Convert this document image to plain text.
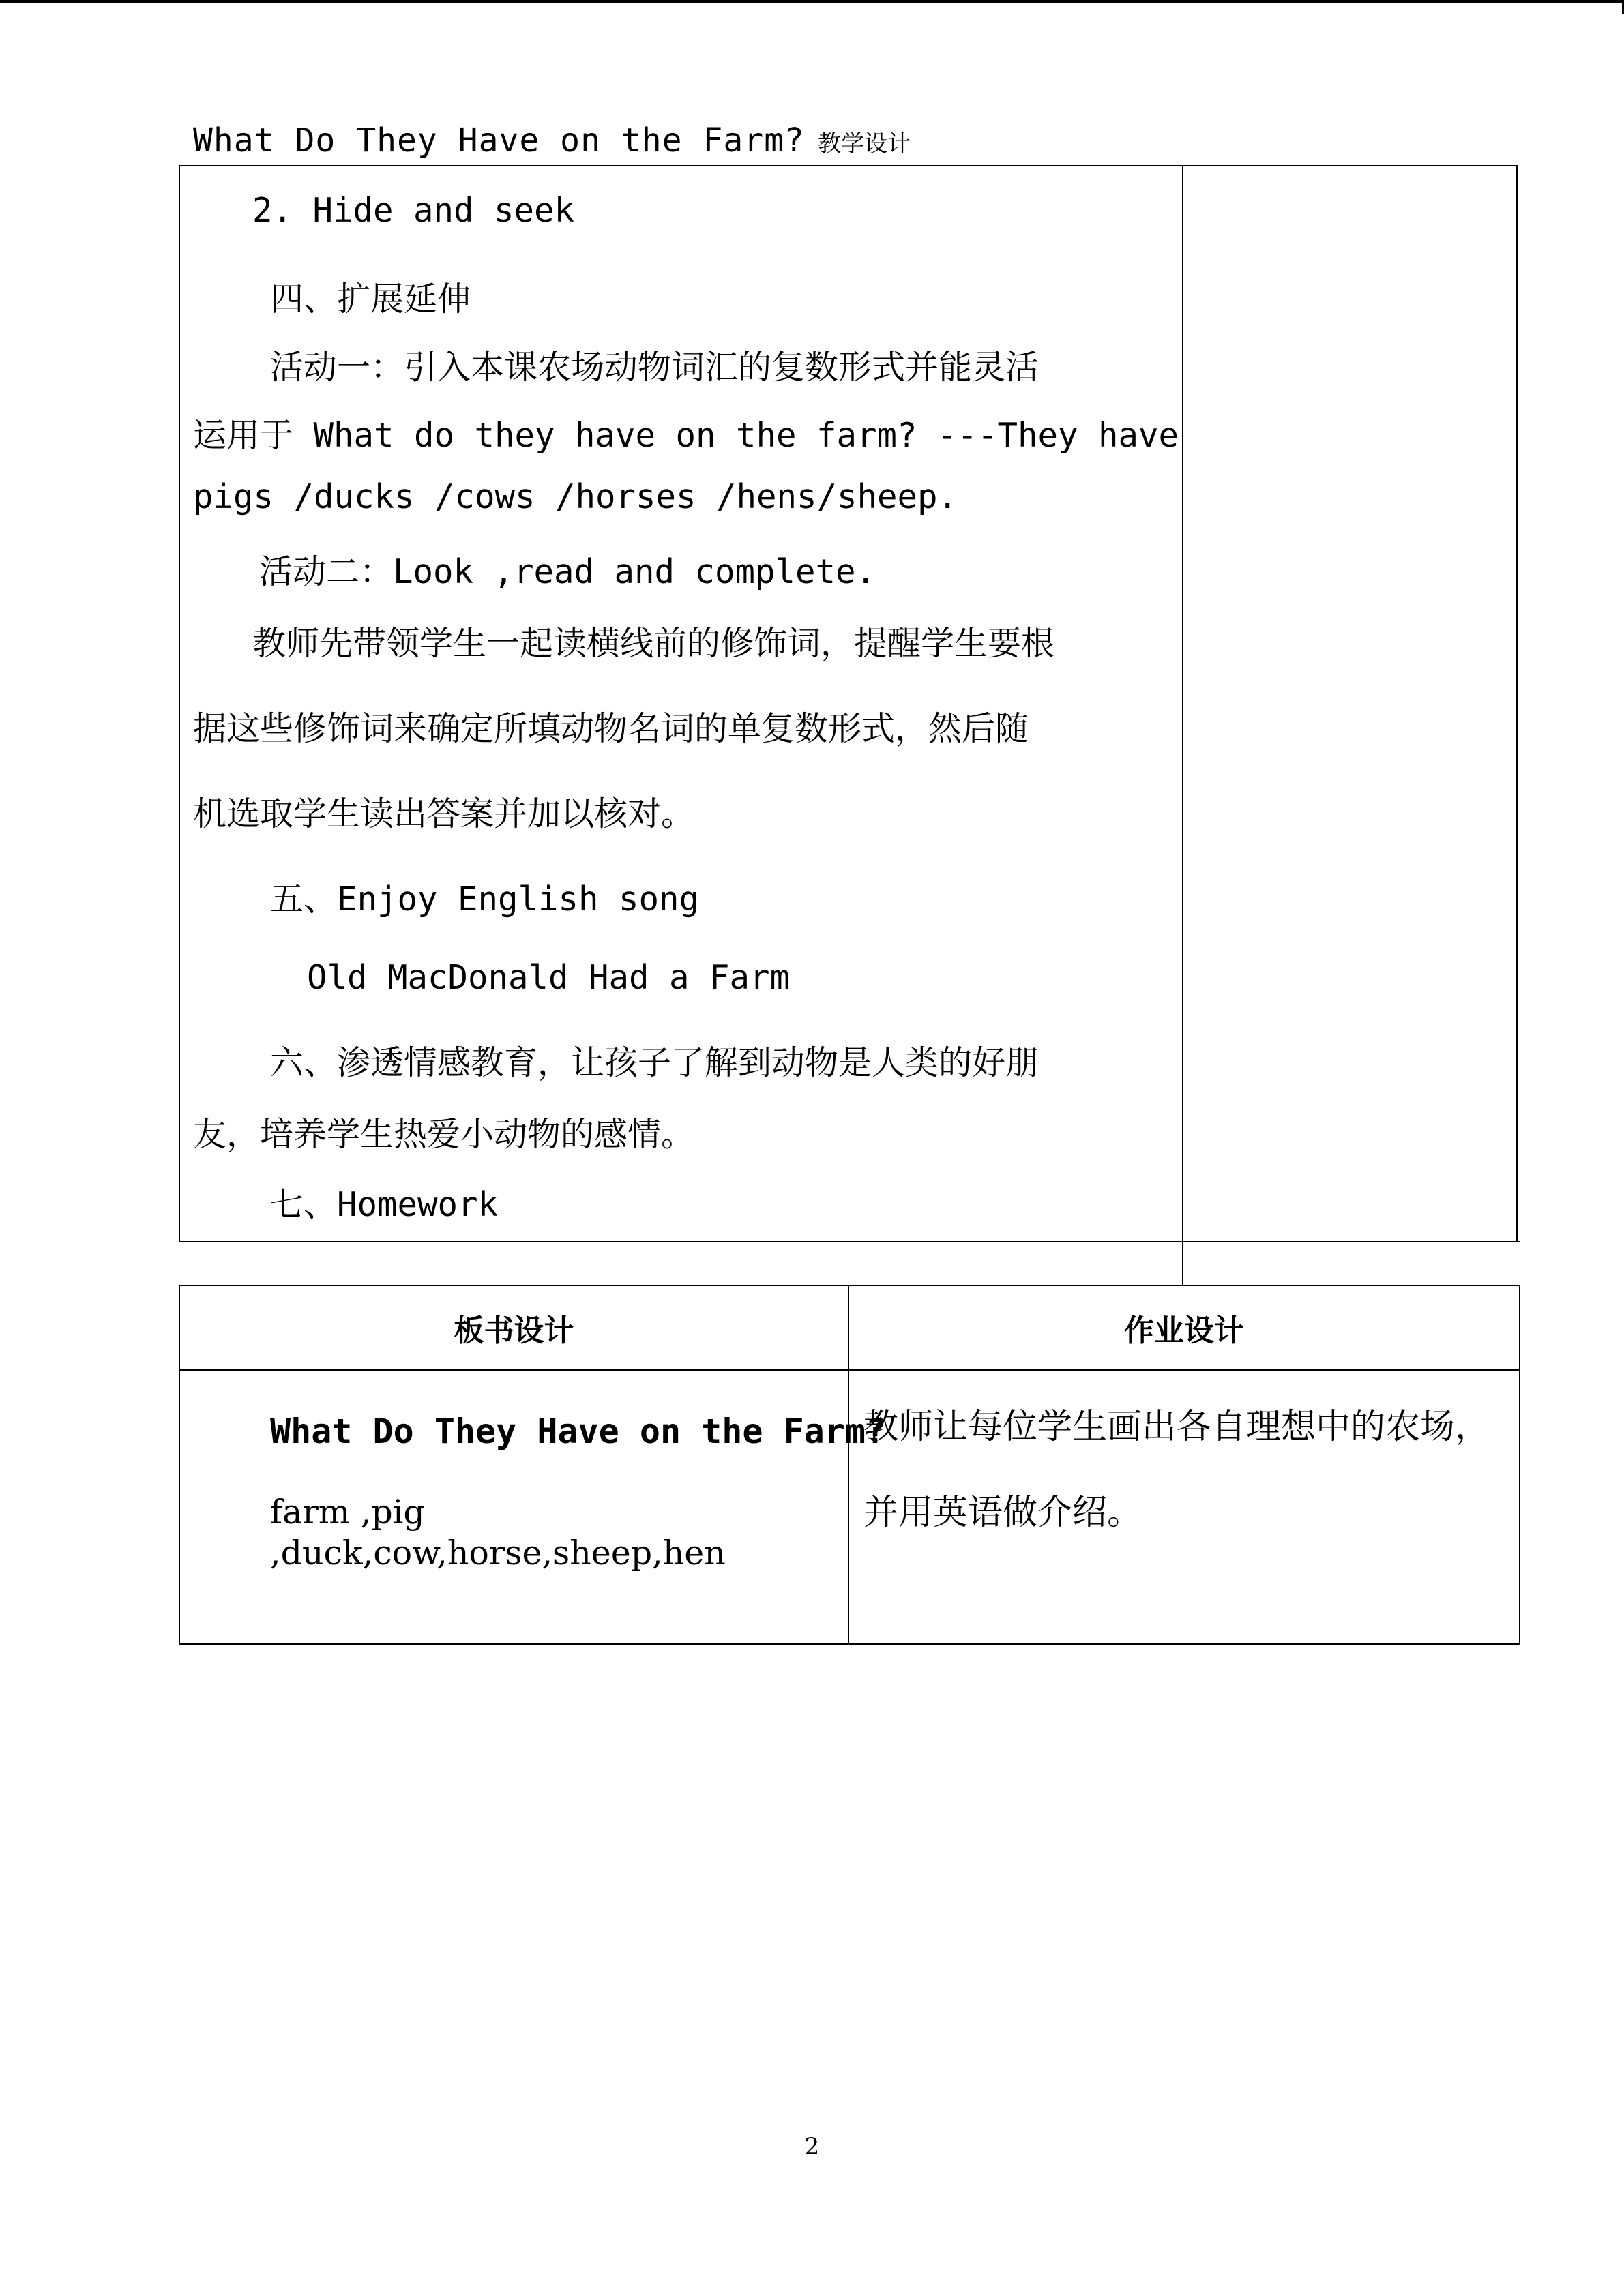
What Do They Have on the Farm? 教学设计
2. Hide and seek
四、扩展延伸
活动一：引入本课农场动物词汇的复数形式并能灵活
运用于 What do they have on the farm? ---They have
pigs /ducks /cows /horses /hens/sheep.
活动二：Look ,read and complete.
教师先带领学生一起读横线前的修饰词，提醒学生要根
据这些修饰词来确定所填动物名词的单复数形式，然后随
机选取学生读出答案并加以核对。
五、Enjoy English song
Old MacDonald Had a Farm
六、渗透情感教育，让孩子了解到动物是人类的好朋
友，培养学生热爱小动物的感情。
七、Homework
板书设计	作业设计
What Do They Have on the Farm?
farm ,pig ,duck,cow,horse,sheep,hen
教师让每位学生画出各自理想中的农场，并用英语做介绍。
2
